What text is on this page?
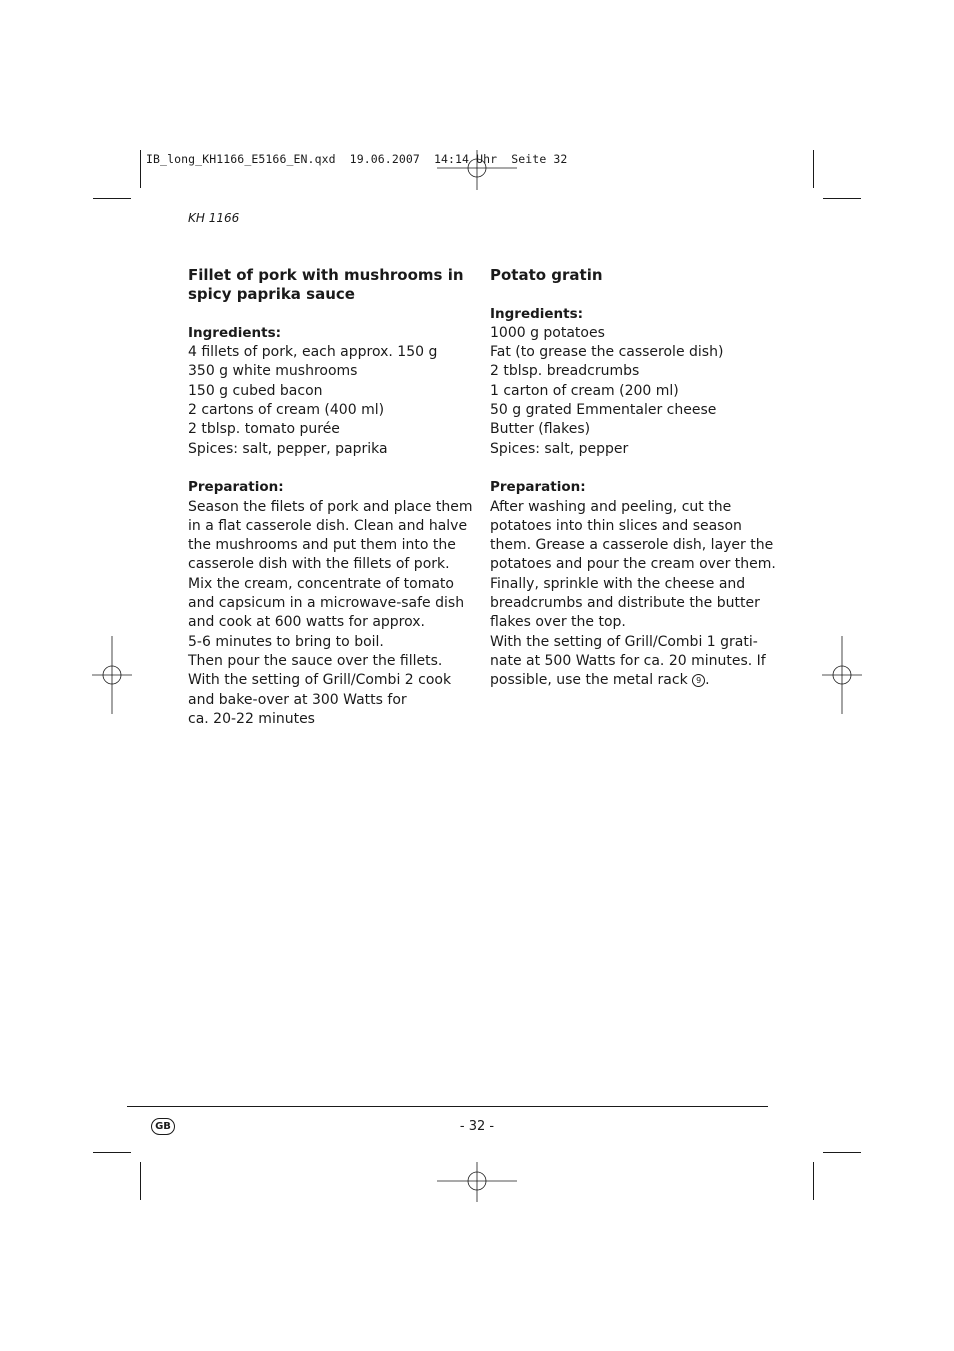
IB_long_KH1166_E5166_EN.qxd  19.06.2007  14:14 Uhr  Seite 32
KH 1166
Fillet of pork with mushrooms in
spicy paprika sauce
Ingredients:
4 fillets of pork, each approx. 150 g
350 g white mushrooms
150 g cubed bacon
2 cartons of cream (400 ml)
2 tblsp. tomato purée
Spices: salt, pepper, paprika
Preparation:
Season the filets of pork and place them
in a flat casserole dish. Clean and halve
the mushrooms and put them into the
casserole dish with the fillets of pork.
Mix the cream, concentrate of tomato
and capsicum in a microwave-safe dish
and cook at 600 watts for approx.
5-6 minutes to bring to boil.
Then pour the sauce over the fillets.
With the setting of Grill/Combi 2 cook
and bake-over at 300 Watts for
ca. 20-22 minutes
Potato gratin
Ingredients:
1000 g potatoes
Fat (to grease the casserole dish)
2 tblsp. breadcrumbs
1 carton of cream (200 ml)
50 g grated Emmentaler cheese
Butter (flakes)
Spices: salt, pepper
Preparation:
After washing and peeling, cut the
potatoes into thin slices and season
them. Grease a casserole dish, layer the
potatoes and pour the cream over them.
Finally, sprinkle with the cheese and
breadcrumbs and distribute the butter
flakes over the top.
With the setting of Grill/Combi 1 grati-
nate at 500 Watts for ca. 20 minutes. If
possible, use the metal rack 9 .
GB	- 32 -
